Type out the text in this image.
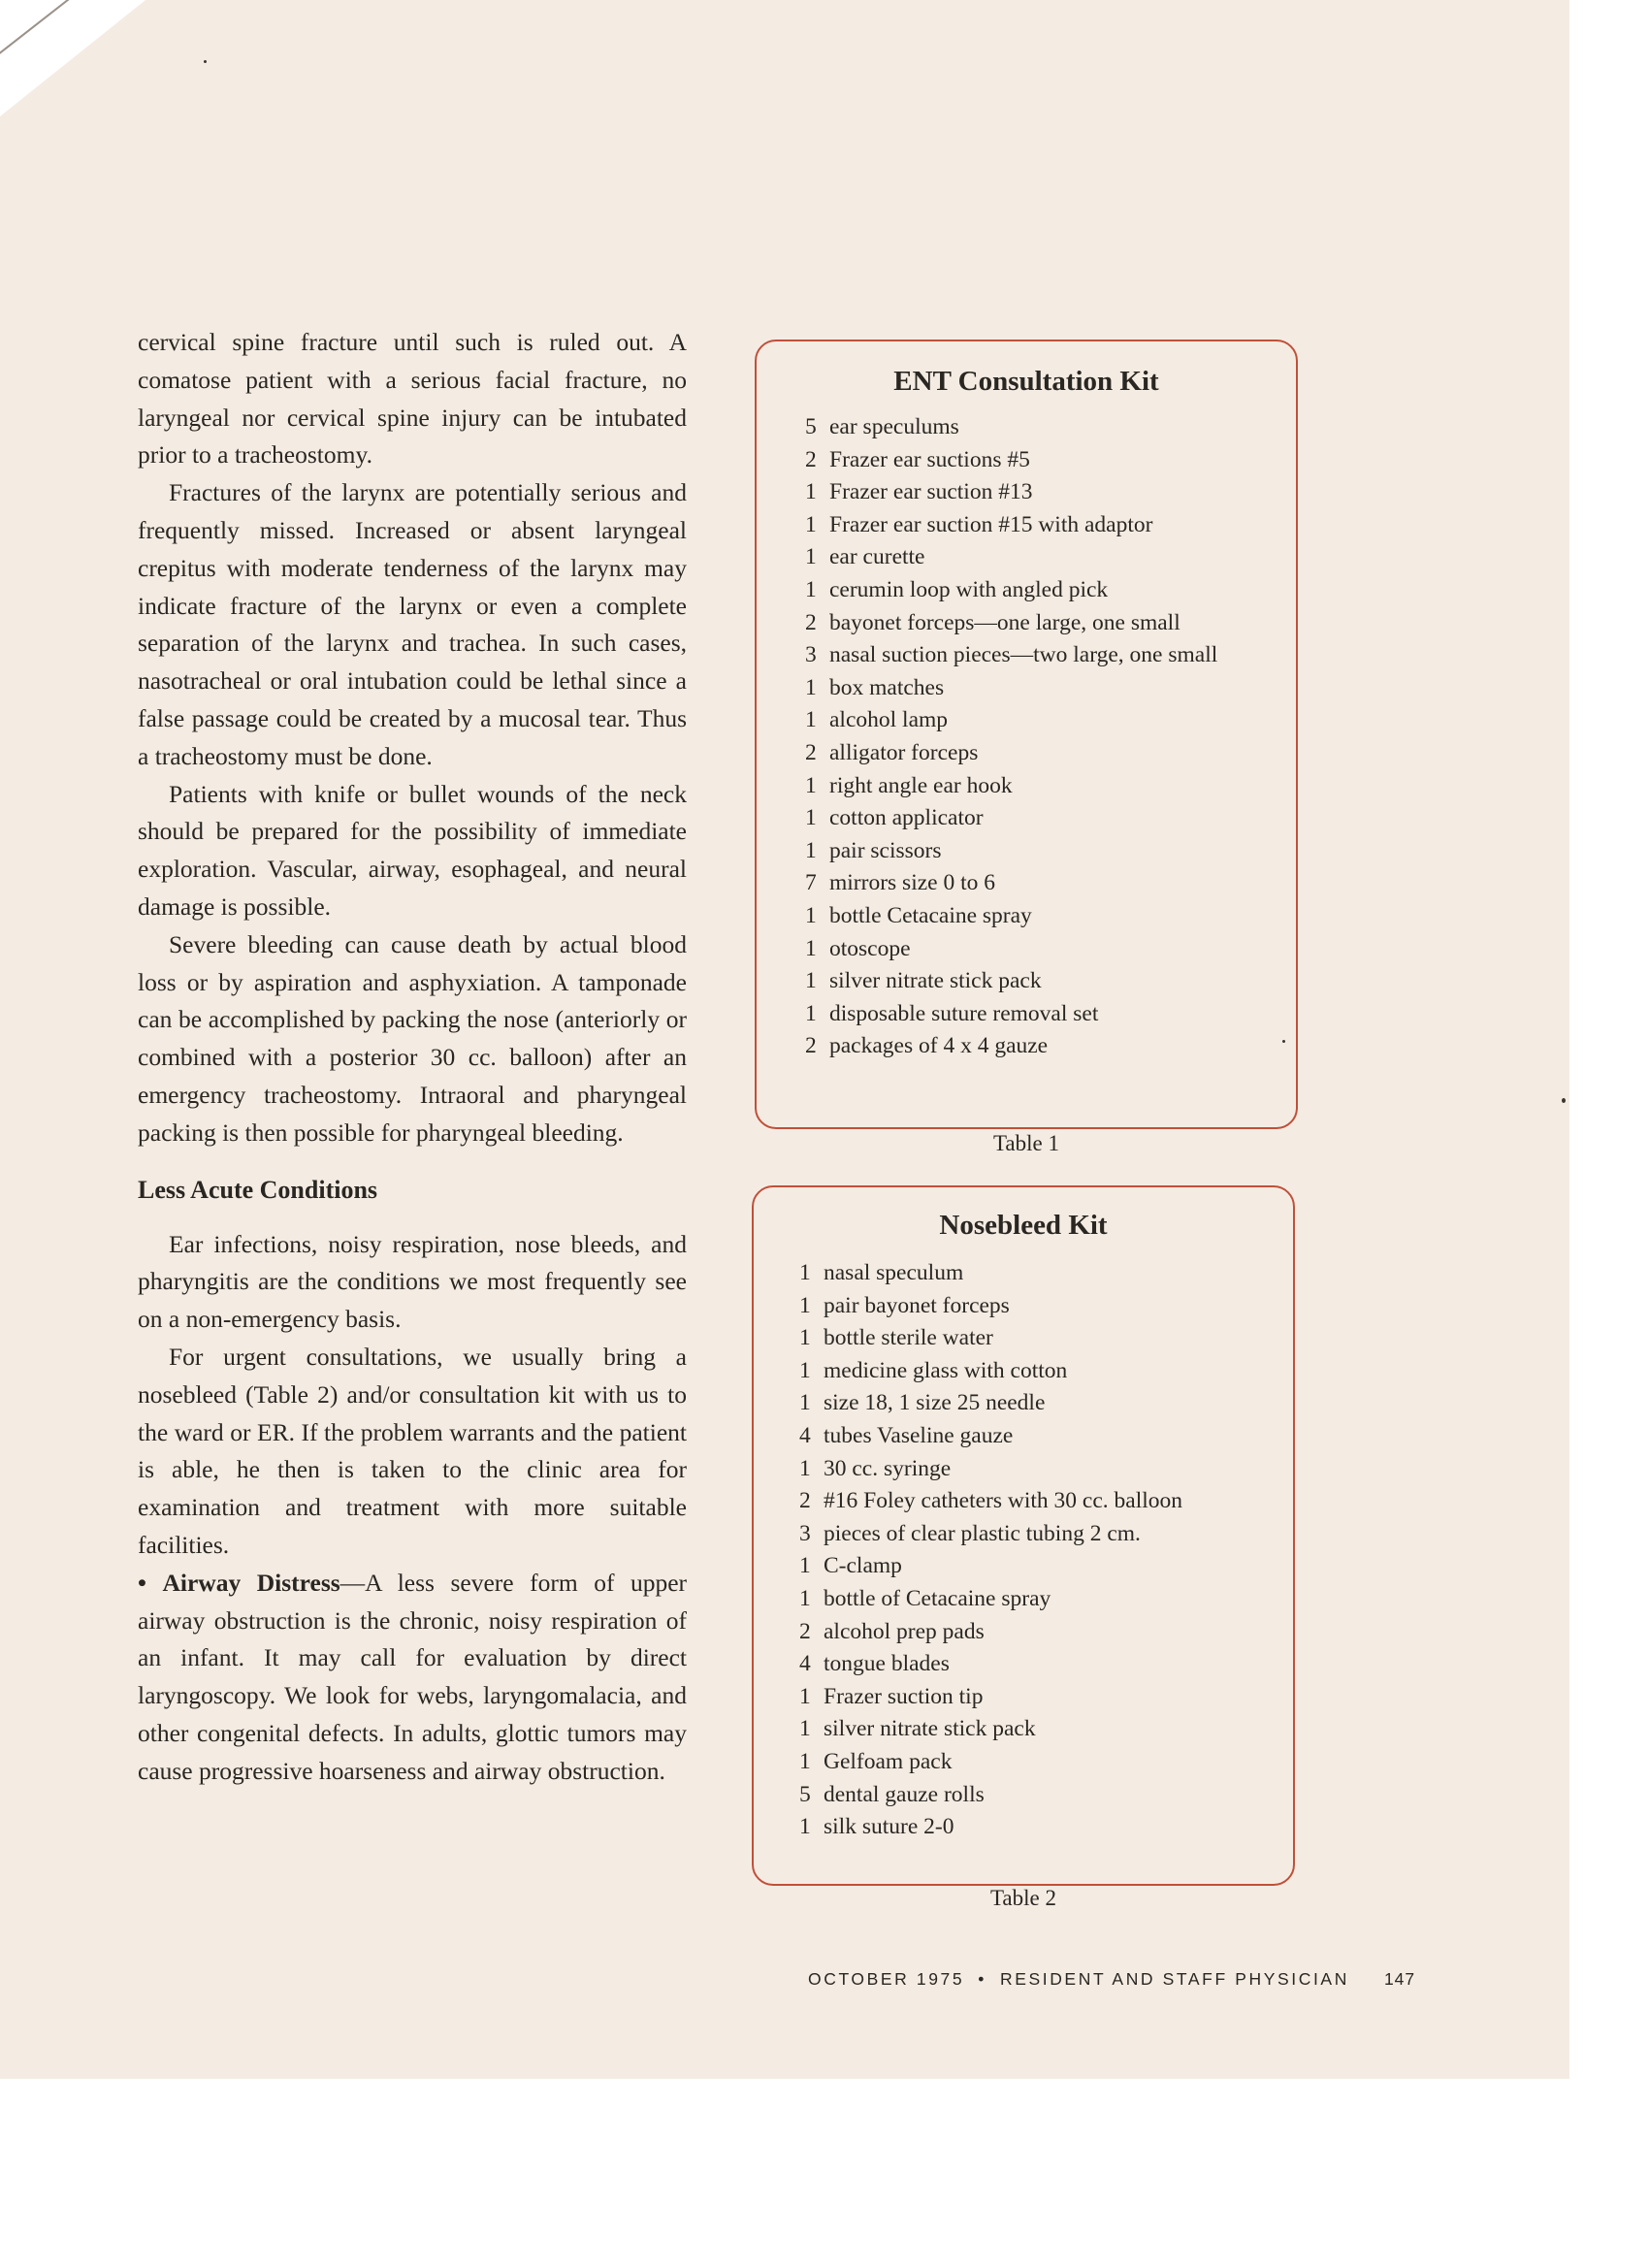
cervical spine fracture until such is ruled out. A comatose patient with a serious facial fracture, no laryngeal nor cervical spine injury can be intubated prior to a tracheostomy.

Fractures of the larynx are potentially serious and frequently missed. Increased or absent laryngeal crepitus with moderate tenderness of the larynx may indicate fracture of the larynx or even a complete separation of the larynx and trachea. In such cases, nasotracheal or oral intubation could be lethal since a false passage could be created by a mucosal tear. Thus a tracheostomy must be done.

Patients with knife or bullet wounds of the neck should be prepared for the possibility of immediate exploration. Vascular, airway, esophageal, and neural damage is possible.

Severe bleeding can cause death by actual blood loss or by aspiration and asphyxiation. A tamponade can be accomplished by packing the nose (anteriorly or combined with a posterior 30 cc. balloon) after an emergency tracheostomy. Intraoral and pharyngeal packing is then possible for pharyngeal bleeding.

Less Acute Conditions

Ear infections, noisy respiration, nose bleeds, and pharyngitis are the conditions we most frequently see on a non-emergency basis.

For urgent consultations, we usually bring a nosebleed (Table 2) and/or consultation kit with us to the ward or ER. If the problem warrants and the patient is able, he then is taken to the clinic area for examination and treatment with more suitable facilities.

• Airway Distress—A less severe form of upper airway obstruction is the chronic, noisy respiration of an infant. It may call for evaluation by direct laryngoscopy. We look for webs, laryngomalacia, and other congenital defects. In adults, glottic tumors may cause progressive hoarseness and airway obstruction.

ENT Consultation Kit
5 ear speculums
2 Frazer ear suctions #5
1 Frazer ear suction #13
1 Frazer ear suction #15 with adaptor
1 ear curette
1 cerumin loop with angled pick
2 bayonet forceps—one large, one small
3 nasal suction pieces—two large, one small
1 box matches
1 alcohol lamp
2 alligator forceps
1 right angle ear hook
1 cotton applicator
1 pair scissors
7 mirrors size 0 to 6
1 bottle Cetacaine spray
1 otoscope
1 silver nitrate stick pack
1 disposable suture removal set
2 packages of 4 x 4 gauze
Table 1
Nosebleed Kit
1 nasal speculum
1 pair bayonet forceps
1 bottle sterile water
1 medicine glass with cotton
1 size 18, 1 size 25 needle
4 tubes Vaseline gauze
1 30 cc. syringe
2 #16 Foley catheters with 30 cc. balloon
3 pieces of clear plastic tubing 2 cm.
1 C-clamp
1 bottle of Cetacaine spray
2 alcohol prep pads
4 tongue blades
1 Frazer suction tip
1 silver nitrate stick pack
1 Gelfoam pack
5 dental gauze rolls
1 silk suture 2-0
Table 2
OCTOBER 1975 • RESIDENT AND STAFF PHYSICIAN 147
